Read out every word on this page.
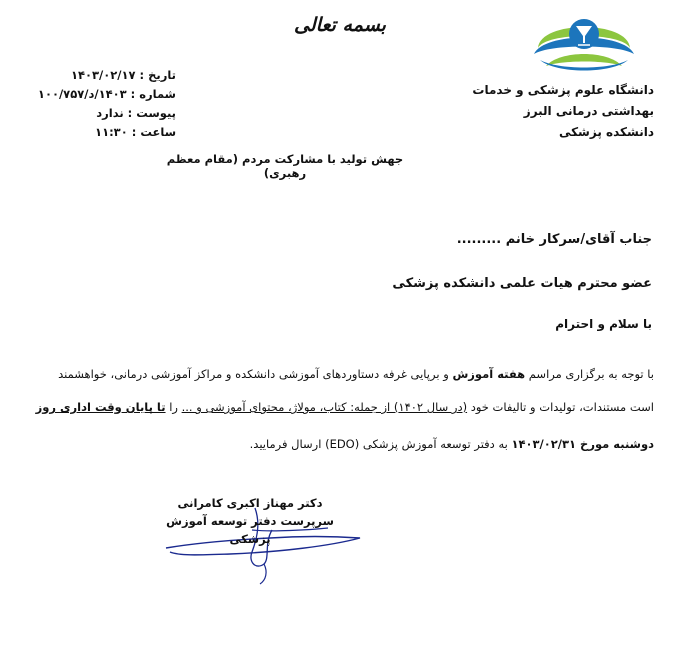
بسمه تعالی
دانشگاه علوم پزشکی و خدمات
بهداشتی درمانی البرز
دانشکده پزشکی
تاریخ : ۱۴۰۳/۰۲/۱۷
شماره : ۱۴۰۳/د/۱۰۰/۷۵۷
پیوست : ندارد
ساعت : ۱۱:۳۰
جهش تولید با مشارکت مردم (مقام معظم رهبری)
جناب آقای/سرکار خانم .........
عضو محترم هیات علمی دانشکده پزشکی
با سلام و احترام
با توجه به برگزاری مراسم هفته آموزش و برپایی غرفه دستاوردهای آموزشی دانشکده و مراکز آموزشی درمانی، خواهشمند
است مستندات، تولیدات و تالیفات خود (در سال ۱۴۰۲) از جمله: کتاب، مولاژ، محتوای آموزشی و ... را تا پایان وقت اداری روز
دوشنبه مورخ ۱۴۰۳/۰۲/۳۱ به دفتر توسعه آموزش پزشکی (EDO) ارسال فرمایید.
دکتر مهناز اکبری کامرانی
سرپرست دفتر توسعه آموزش پزشکی
